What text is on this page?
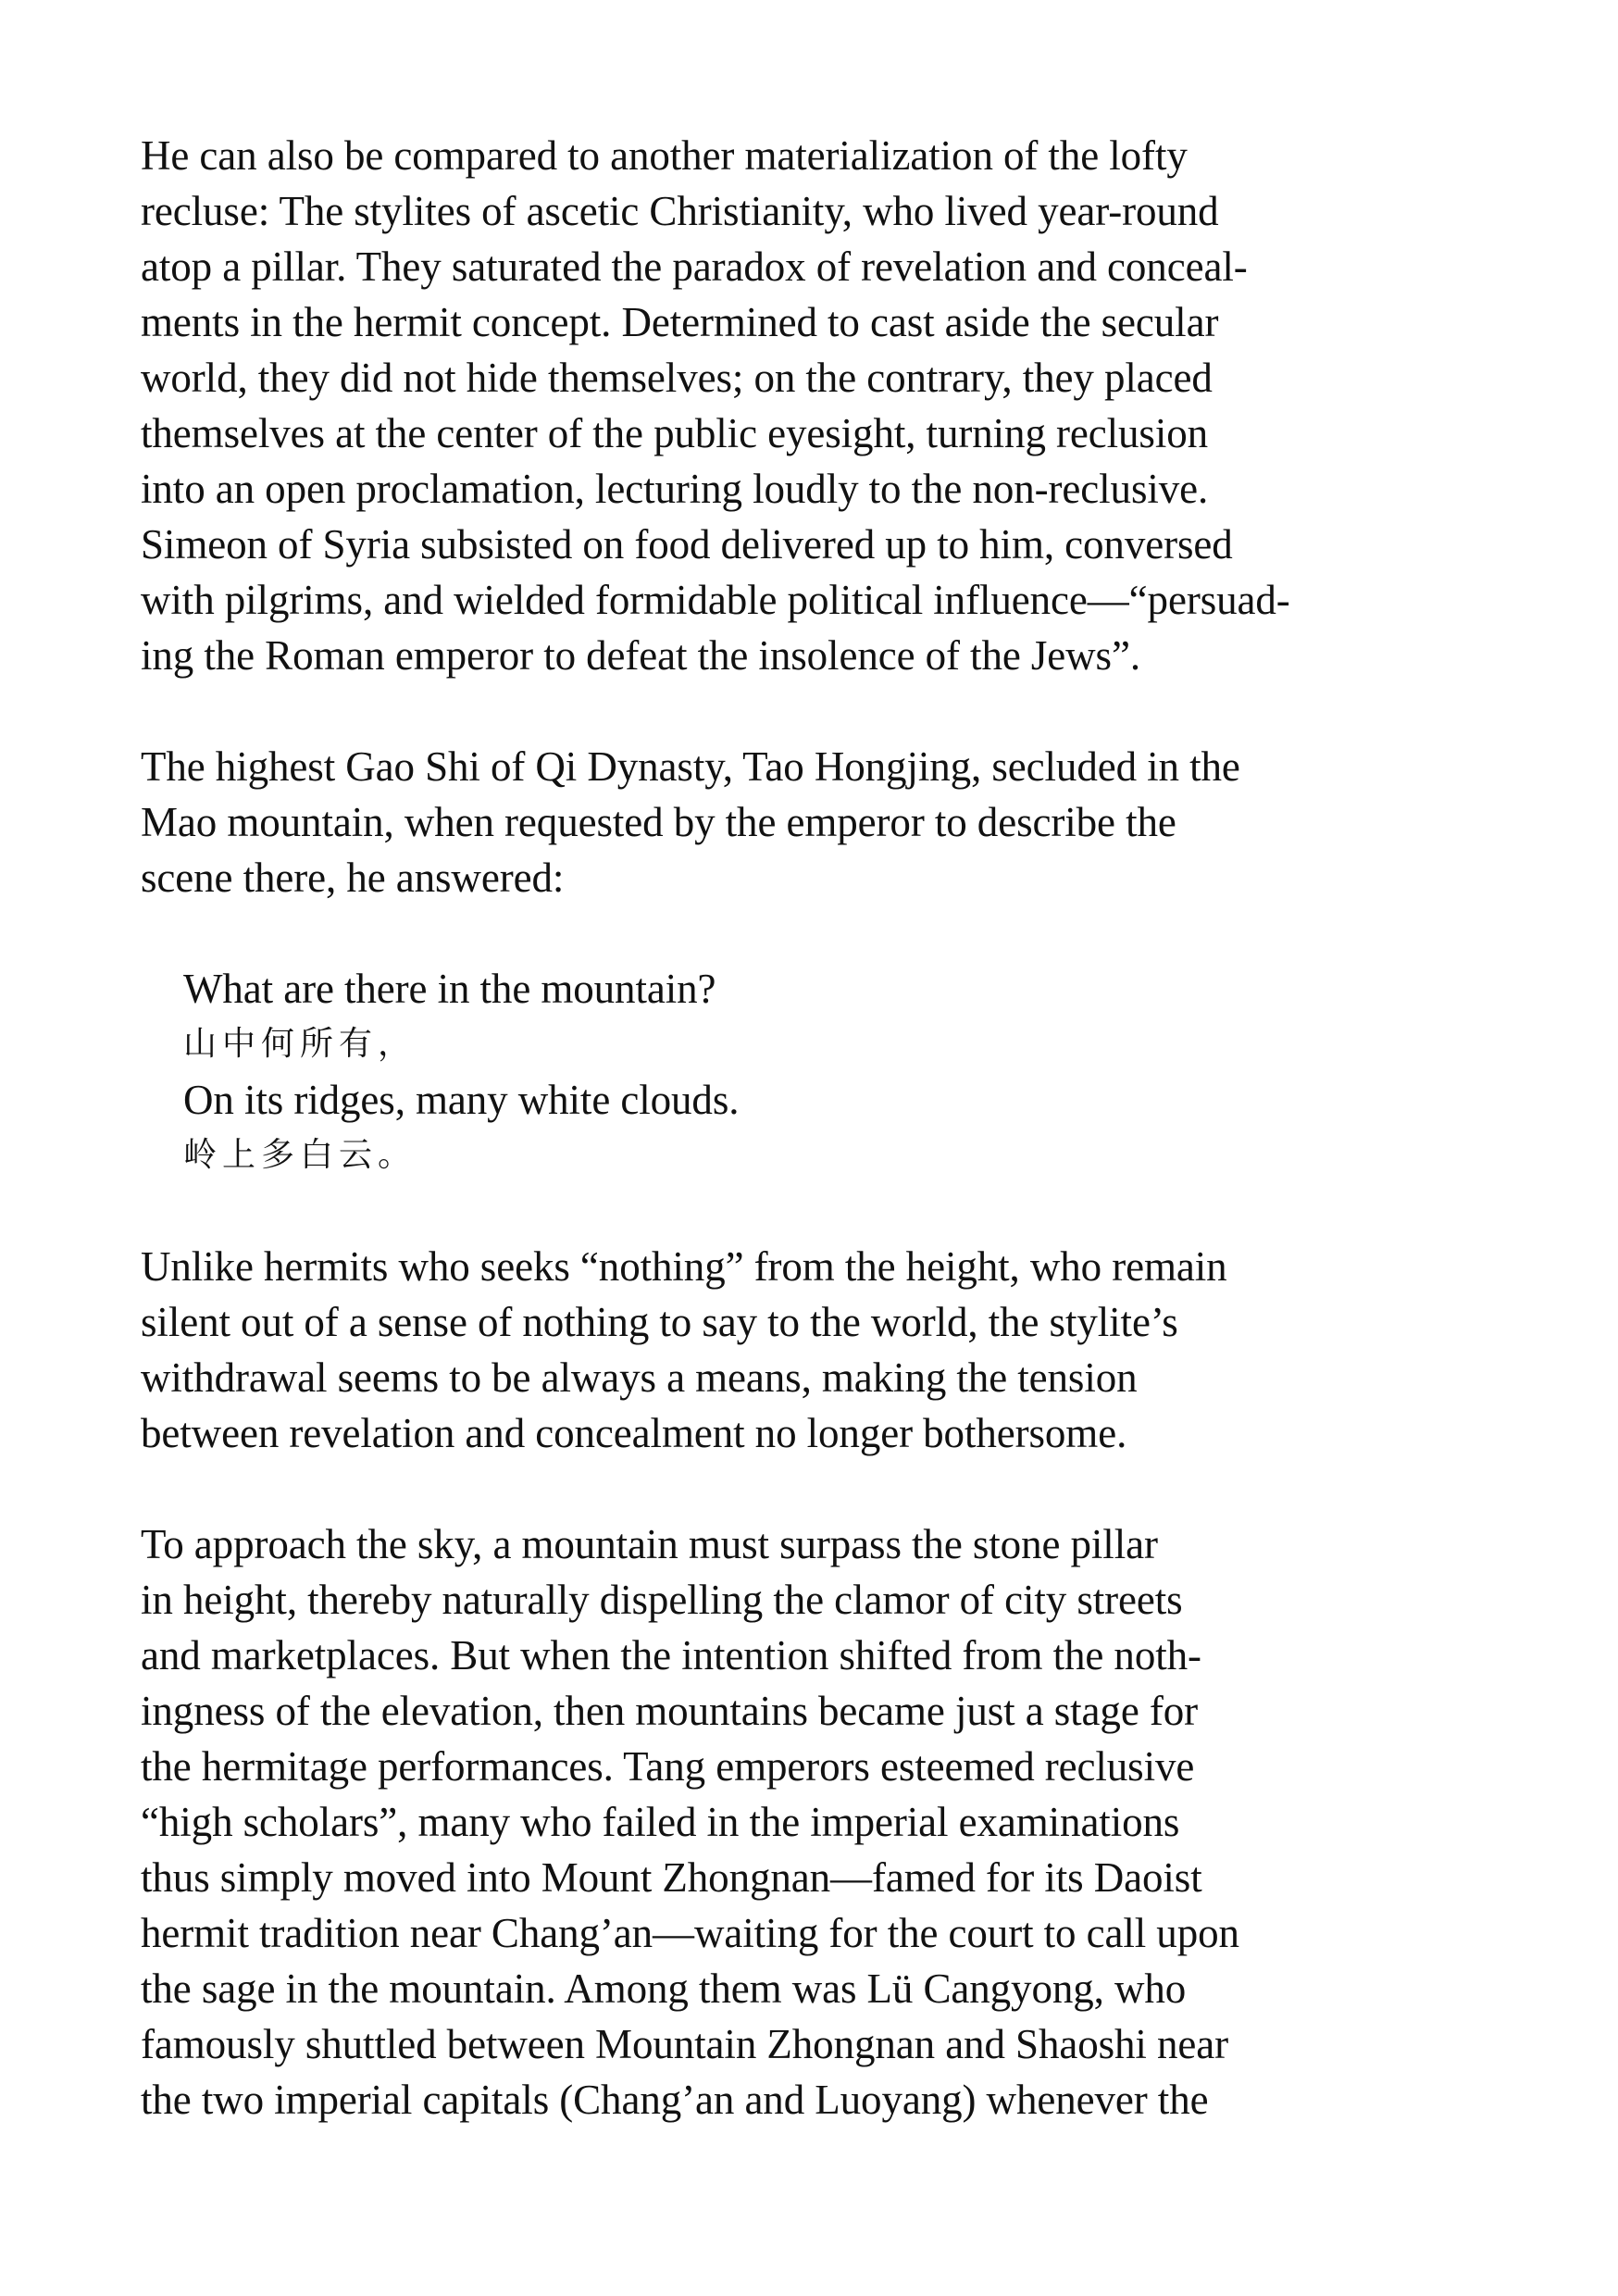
He can also be compared to another materialization of the lofty
recluse: The stylites of ascetic Christianity, who lived year-round
atop a pillar. They saturated the paradox of revelation and conceal-
ments in the hermit concept. Determined to cast aside the secular
world, they did not hide themselves; on the contrary, they placed
themselves at the center of the public eyesight, turning reclusion
into an open proclamation, lecturing loudly to the non-reclusive.
Simeon of Syria subsisted on food delivered up to him, conversed
with pilgrims, and wielded formidable political influence—“persuad-
ing the Roman emperor to defeat the insolence of the Jews”.
The highest Gao Shi of Qi Dynasty, Tao Hongjing, secluded in the
Mao mountain, when requested by the emperor to describe the
scene there, he answered:
What are there in the mountain?
山中何所有，
On its ridges, many white clouds.
岭上多白云。
Unlike hermits who seeks “nothing” from the height, who remain
silent out of a sense of nothing to say to the world, the stylite’s
withdrawal seems to be always a means, making the tension
between revelation and concealment no longer bothersome.
To approach the sky, a mountain must surpass the stone pillar
in height, thereby naturally dispelling the clamor of city streets
and marketplaces. But when the intention shifted from the noth-
ingness of the elevation, then mountains became just a stage for
the hermitage performances. Tang emperors esteemed reclusive
“high scholars”, many who failed in the imperial examinations
thus simply moved into Mount Zhongnan—famed for its Daoist
hermit tradition near Chang’an—waiting for the court to call upon
the sage in the mountain. Among them was Lü Cangyong, who
famously shuttled between Mountain Zhongnan and Shaoshi near
the two imperial capitals (Chang’an and Luoyang) whenever the
